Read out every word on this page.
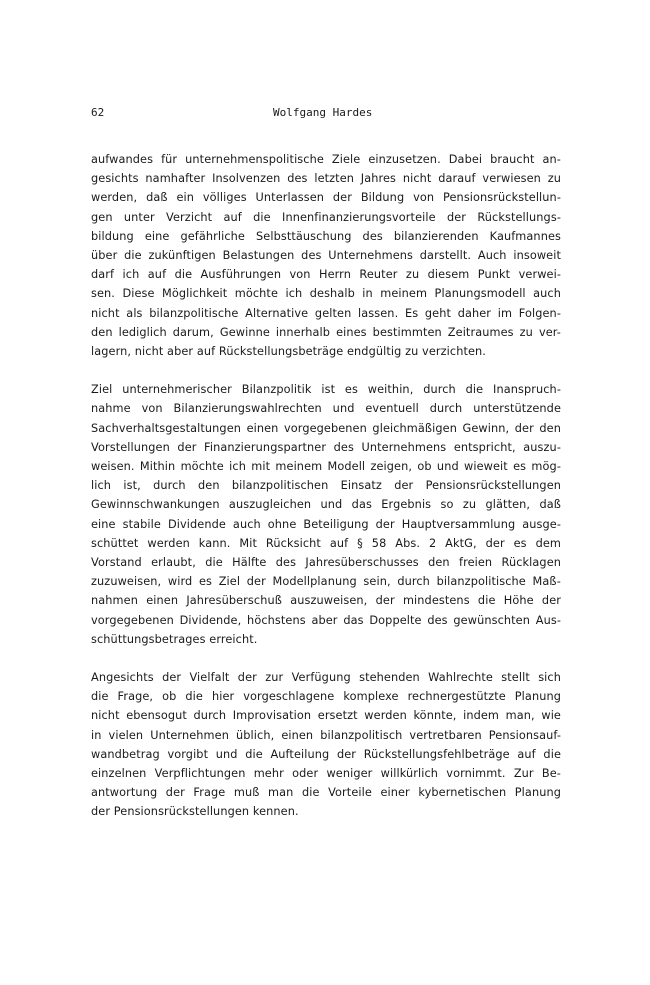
62	Wolfgang Hardes
aufwandes für unternehmenspolitische Ziele einzusetzen. Dabei braucht an-
gesichts namhafter Insolvenzen des letzten Jahres nicht darauf verwiesen zu
werden, daß ein völliges Unterlassen der Bildung von Pensionsrückstellun-
gen unter Verzicht auf die Innenfinanzierungsvorteile der Rückstellungs-
bildung eine gefährliche Selbsttäuschung des bilanzierenden Kaufmannes
über die zukünftigen Belastungen des Unternehmens darstellt. Auch insoweit
darf ich auf die Ausführungen von Herrn Reuter zu diesem Punkt verwei-
sen. Diese Möglichkeit möchte ich deshalb in meinem Planungsmodell auch
nicht als bilanzpolitische Alternative gelten lassen. Es geht daher im Folgen-
den lediglich darum, Gewinne innerhalb eines bestimmten Zeitraumes zu ver-
lagern, nicht aber auf Rückstellungsbeträge endgültig zu verzichten.
Ziel unternehmerischer Bilanzpolitik ist es weithin, durch die Inanspruch-
nahme von Bilanzierungswahlrechten und eventuell durch unterstützende
Sachverhaltsgestaltungen einen vorgegebenen gleichmäßigen Gewinn, der den
Vorstellungen der Finanzierungspartner des Unternehmens entspricht, auszu-
weisen. Mithin möchte ich mit meinem Modell zeigen, ob und wieweit es mög-
lich ist, durch den bilanzpolitischen Einsatz der Pensionsrückstellungen
Gewinnschwankungen auszugleichen und das Ergebnis so zu glätten, daß
eine stabile Dividende auch ohne Beteiligung der Hauptversammlung ausge-
schüttet werden kann. Mit Rücksicht auf § 58 Abs. 2 AktG, der es dem
Vorstand erlaubt, die Hälfte des Jahresüberschusses den freien Rücklagen
zuzuweisen, wird es Ziel der Modellplanung sein, durch bilanzpolitische Maß-
nahmen einen Jahresüberschuß auszuweisen, der mindestens die Höhe der
vorgegebenen Dividende, höchstens aber das Doppelte des gewünschten Aus-
schüttungsbetrages erreicht.
Angesichts der Vielfalt der zur Verfügung stehenden Wahlrechte stellt sich
die Frage, ob die hier vorgeschlagene komplexe rechnergestützte Planung
nicht ebensogut durch Improvisation ersetzt werden könnte, indem man, wie
in vielen Unternehmen üblich, einen bilanzpolitisch vertretbaren Pensionsauf-
wandbetrag vorgibt und die Aufteilung der Rückstellungsfehlbeträge auf die
einzelnen Verpflichtungen mehr oder weniger willkürlich vornimmt. Zur Be-
antwortung der Frage muß man die Vorteile einer kybernetischen Planung
der Pensionsrückstellungen kennen.
